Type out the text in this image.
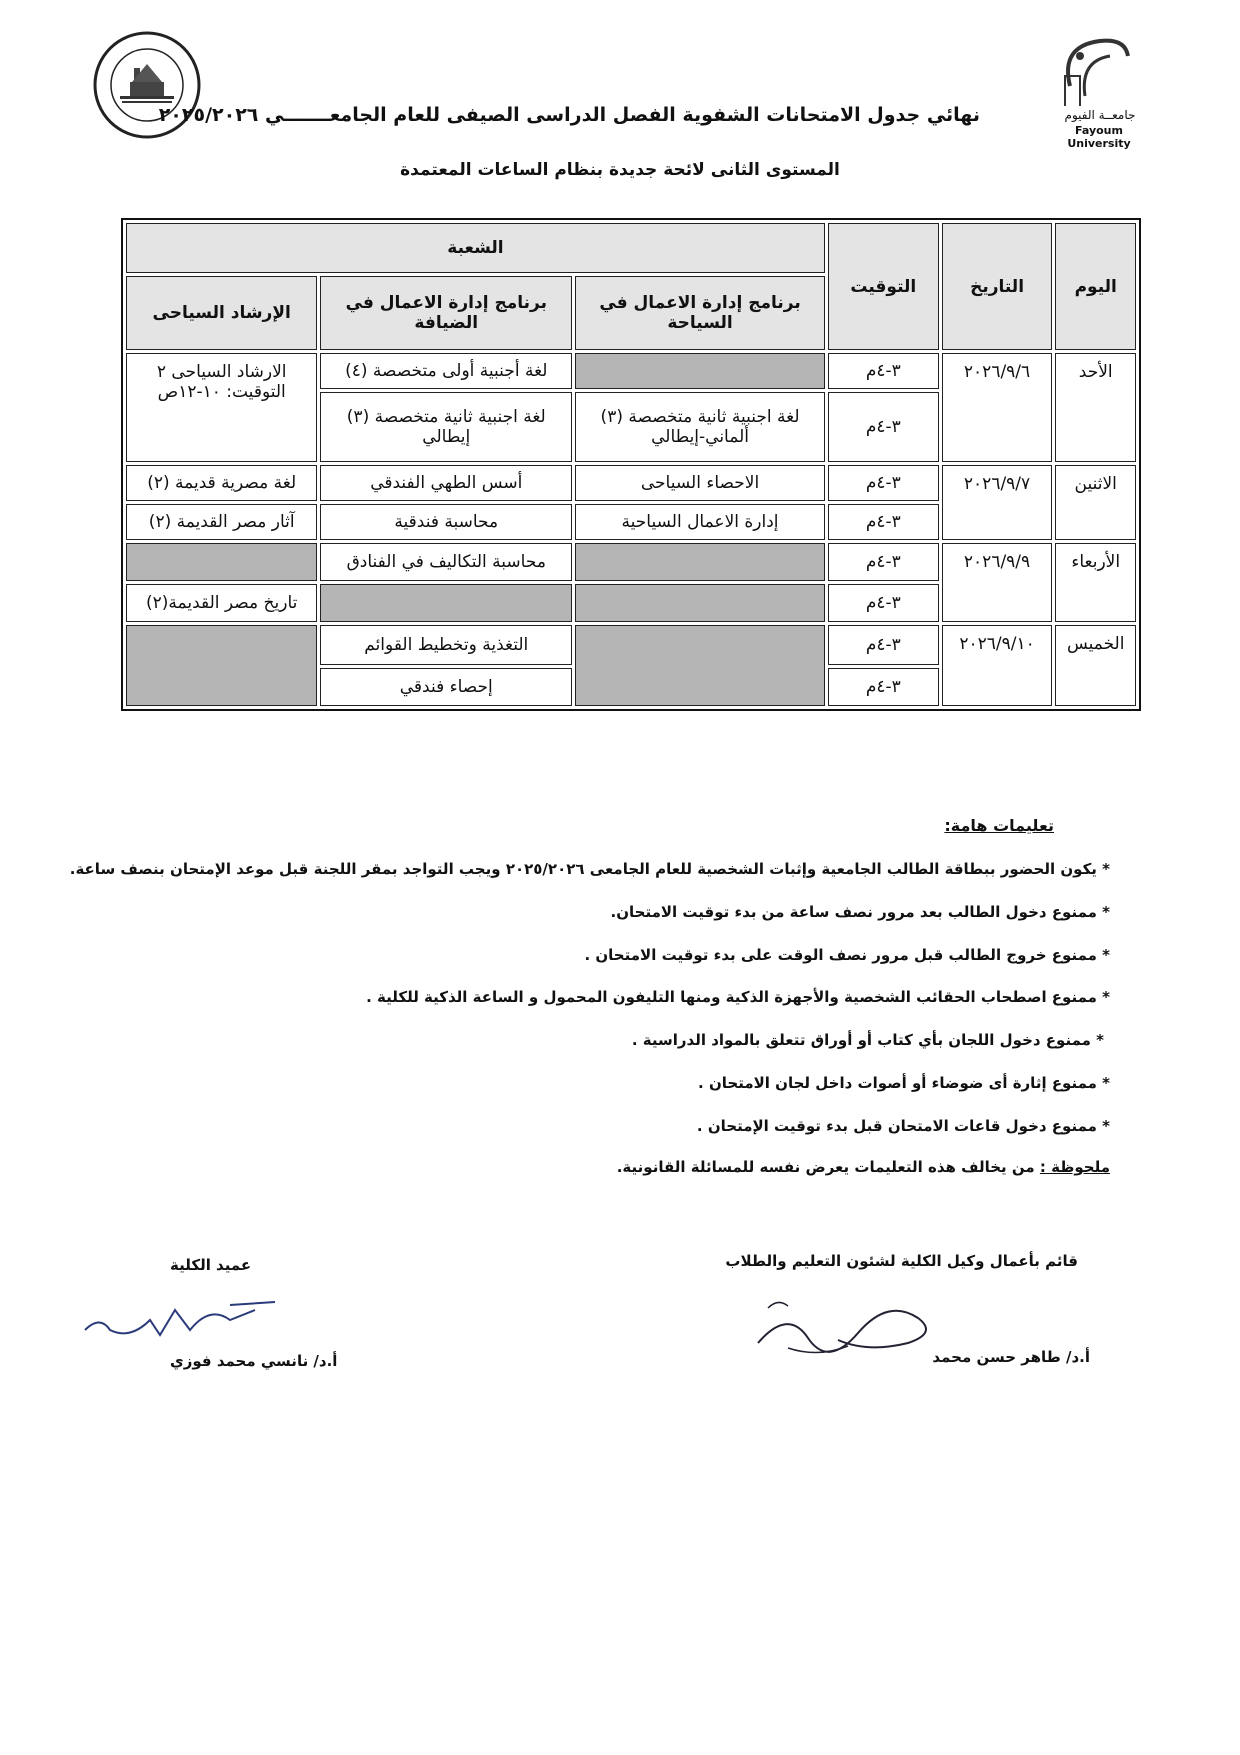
جامعــة الفيوم
Fayoum University
نهائي جدول الامتحانات الشفوية الفصل الدراسى الصيفى للعام الجامعـــــــي ٢٠٢٥/٢٠٢٦
المستوى الثانى لائحة جديدة بنظام الساعات المعتمدة
اليوم	التاريخ	التوقيت	الشعبة		
			برنامج إدارة الاعمال في السياحة	برنامج إدارة الاعمال في الضيافة	الإرشاد السياحى
الأحد	٢٠٢٦/٩/٦	٣-٤م		لغة أجنبية أولى متخصصة (٤)	الارشاد السياحى ٢ التوقيت: ١٠-١٢ص
		٣-٤م	لغة اجنبية ثانية متخصصة (٣) ألماني-إيطالي	لغة اجنبية ثانية متخصصة (٣) إيطالي	
الاثنين	٢٠٢٦/٩/٧	٣-٤م	الاحصاء السياحى	أسس الطهي الفندقي	لغة مصرية قديمة (٢)
		٣-٤م	إدارة الاعمال السياحية	محاسبة فندقية	آثار مصر القديمة (٢)
الأربعاء	٢٠٢٦/٩/٩	٣-٤م		محاسبة التكاليف في الفنادق	
		٣-٤م			تاريخ مصر القديمة(٢)
الخميس	٢٠٢٦/٩/١٠	٣-٤م		التغذية وتخطيط القوائم	
		٣-٤م		إحصاء فندقي	
تعليمات هامة:
* يكون الحضور ببطاقة الطالب الجامعية وإثبات الشخصية للعام الجامعى ٢٠٢٥/٢٠٢٦ ويجب التواجد بمقر اللجنة قبل موعد الإمتحان بنصف ساعة.
* ممنوع دخول الطالب بعد مرور نصف ساعة من بدء توقيت الامتحان.
* ممنوع خروج الطالب قبل مرور نصف الوقت على بدء توقيت الامتحان .
* ممنوع اصطحاب الحقائب الشخصية والأجهزة الذكية ومنها التليفون المحمول و الساعة الذكية للكلية .
* ممنوع دخول اللجان بأي كتاب أو أوراق تتعلق بالمواد الدراسية .
* ممنوع إثارة أى ضوضاء أو أصوات داخل لجان الامتحان .
* ممنوع دخول قاعات الامتحان قبل بدء توقيت الإمتحان .
ملحوظة : من يخالف هذه التعليمات يعرض نفسه للمسائلة القانونية.
قائم بأعمال وكيل الكلية لشئون التعليم والطلاب
أ.د/ طاهر حسن محمد
عميد الكلية
أ.د/ نانسي محمد فوزي
